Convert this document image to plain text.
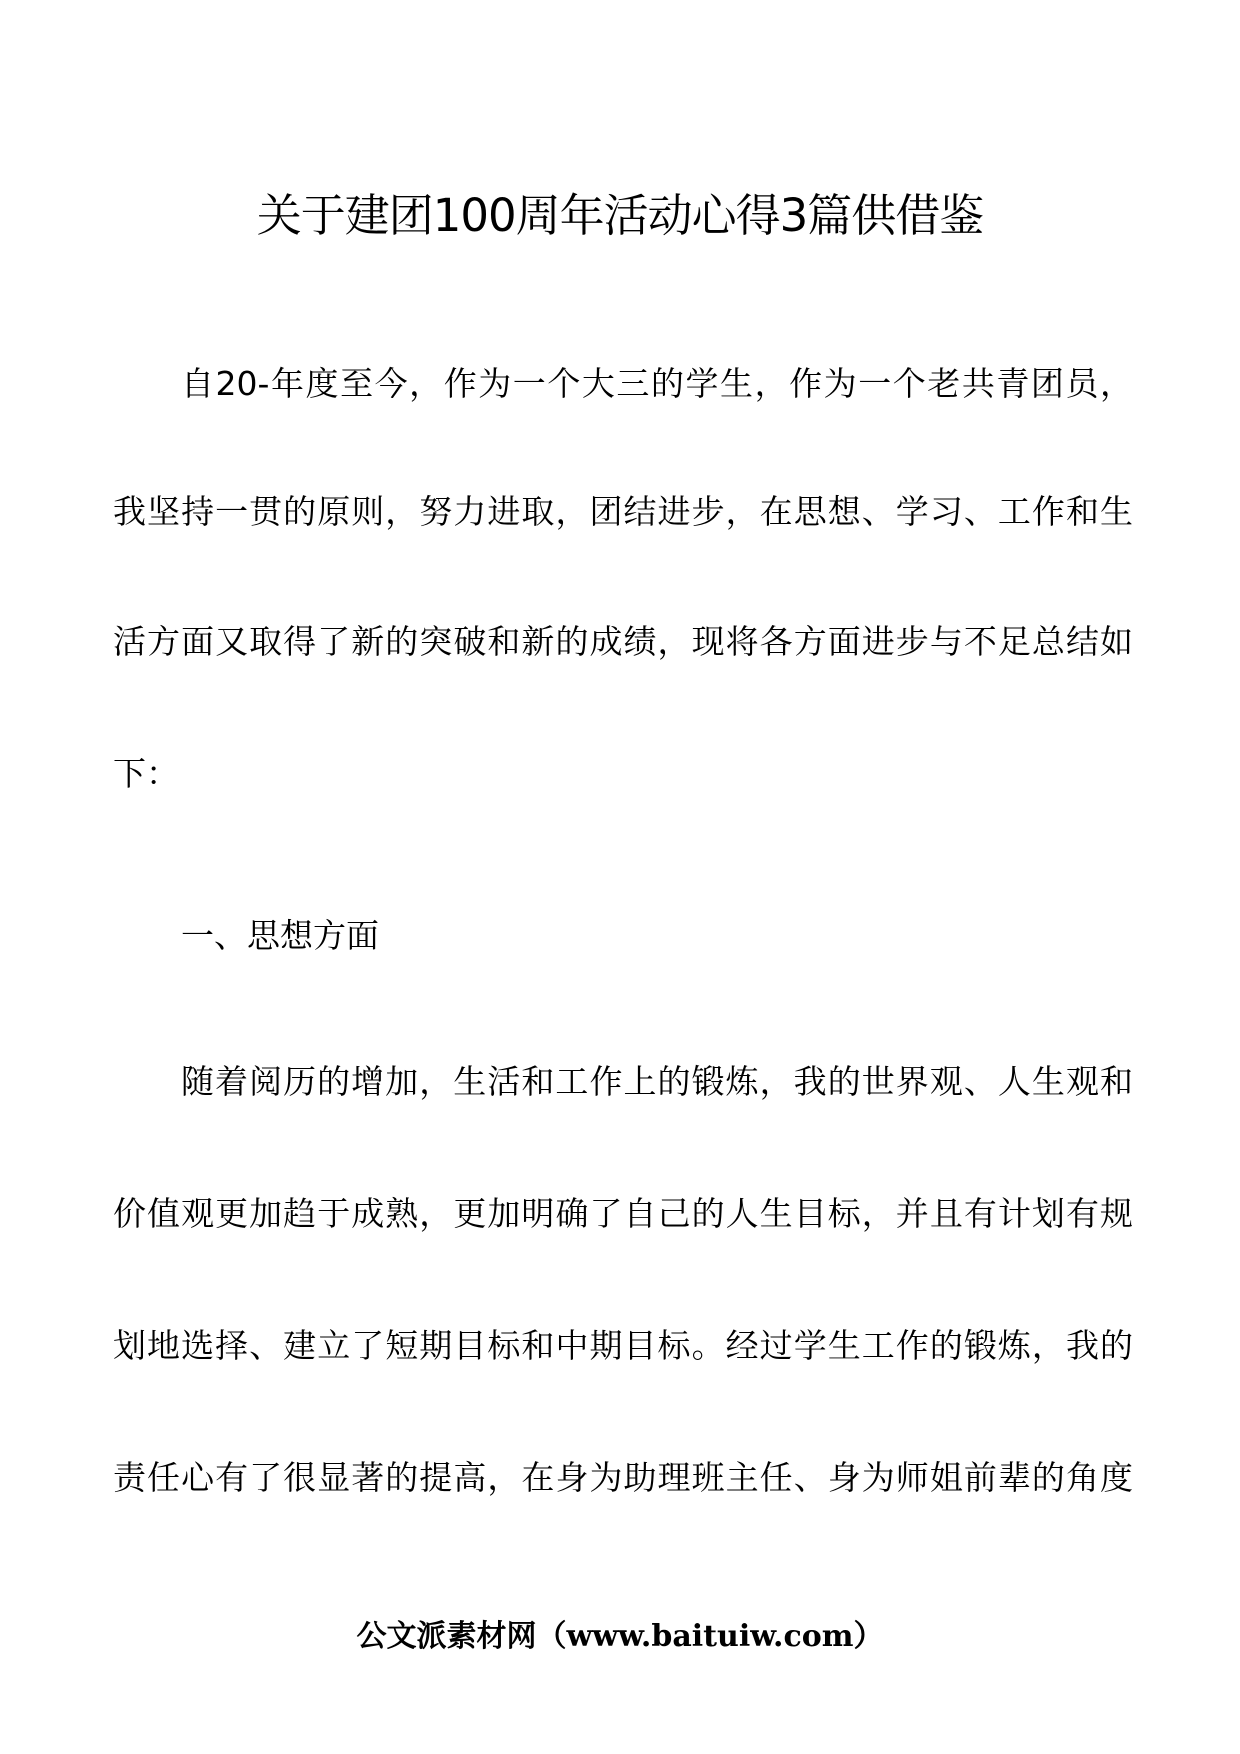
关于建团100周年活动心得3篇供借鉴
自20-年度至今，作为一个大三的学生，作为一个老共青团员，
我坚持一贯的原则，努力进取，团结进步，在思想、学习、工作和生
活方面又取得了新的突破和新的成绩，现将各方面进步与不足总结如
下：
一、思想方面
随着阅历的增加，生活和工作上的锻炼，我的世界观、人生观和
价值观更加趋于成熟，更加明确了自己的人生目标，并且有计划有规
划地选择、建立了短期目标和中期目标。经过学生工作的锻炼，我的
责任心有了很显著的提高，在身为助理班主任、身为师姐前辈的角度
公文派素材网（www.baituiw.com）
